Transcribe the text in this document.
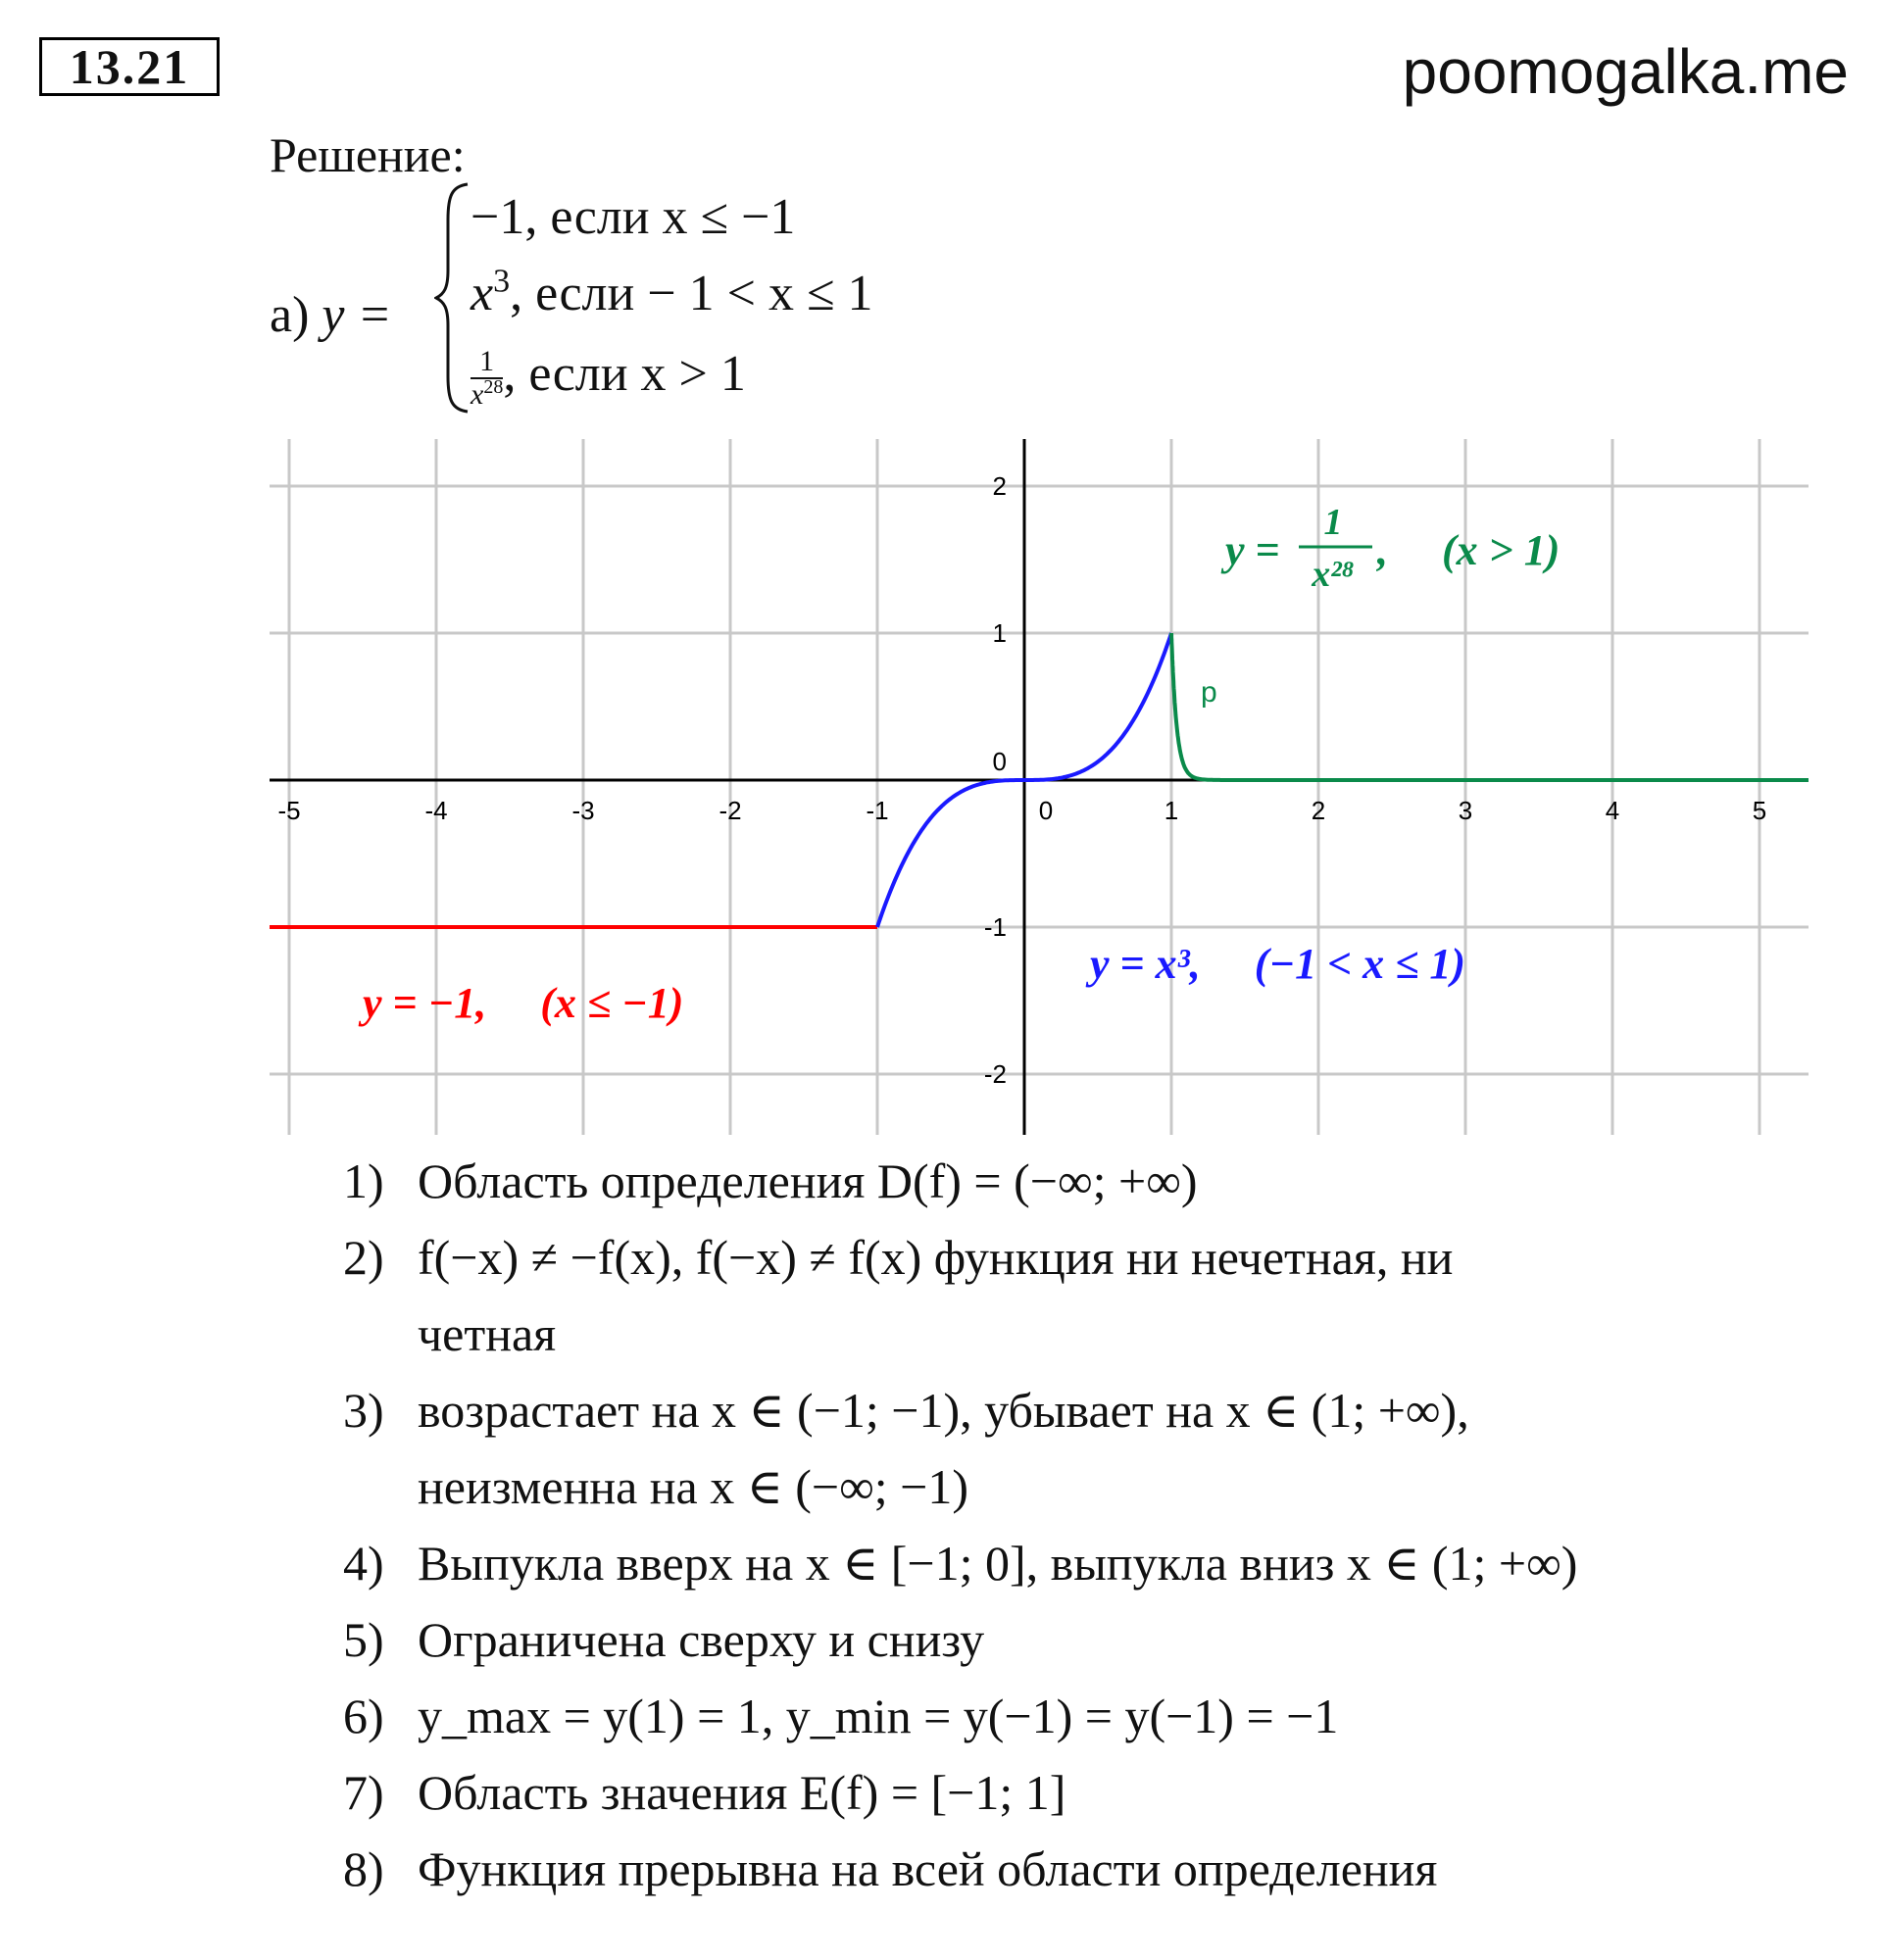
13.21	poomogalka.me
Решение:
а) y =
−1, если x ≤ −1
$x^3$, если − 1 < x ≤ 1
$\frac{1}{x^{28}}$ , если x > 1
-5	-4	-3	-2	-1	0	1	2	3	4	5
2
1
0
-1
-2
p
y =
1
x²⁸ ,     (x > 1)
y = x³,     (−1 < x ≤ 1)
y = −1,     (x ≤ −1)
1) Область определения D(f) = (−∞; +∞)
2) f(−x) ≠ −f(x), f(−x) ≠ f(x) функция ни нечетная, ни
четная
3) возрастает на x ∈ (−1; −1), убывает на x ∈ (1; +∞),
неизменна на x ∈ (−∞; −1)
4) Выпукла вверх на x ∈ [−1; 0], выпукла вниз x ∈ (1; +∞)
5) Ограничена сверху и снизу
6) y_max = y(1) = 1, y_min = y(−1) = y(−1) = −1
7) Область значения E(f) = [−1; 1]
8) Функция прерывна на всей области определения
